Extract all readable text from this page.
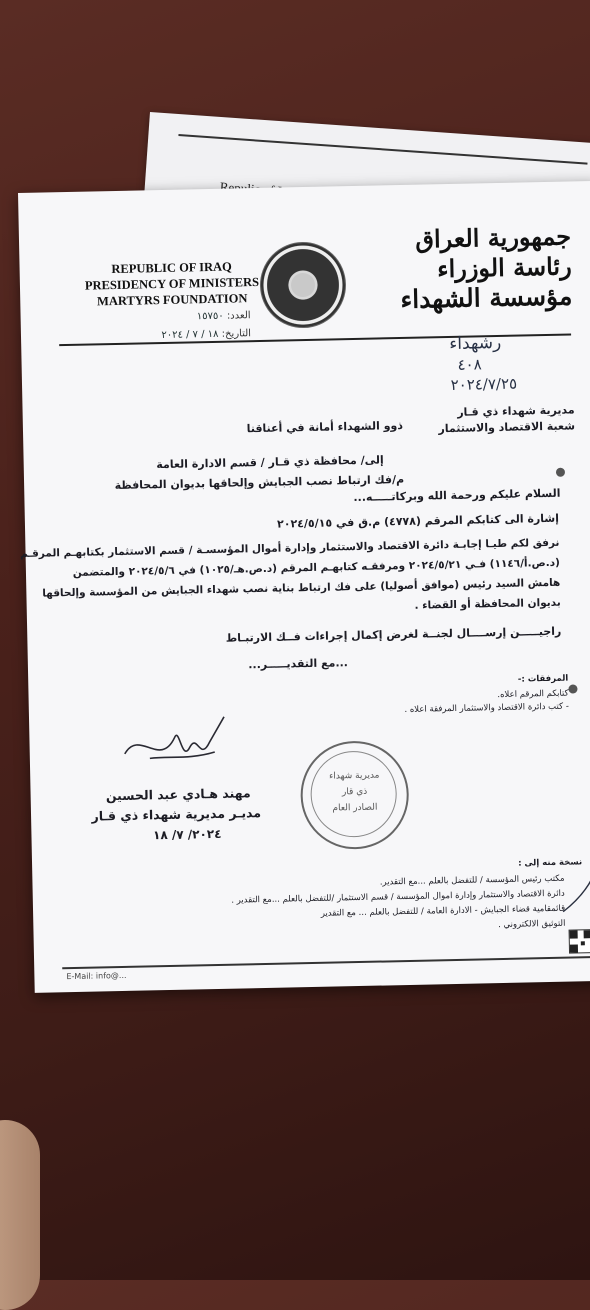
REPUBLIC OF IRAQ
PRESIDENCY OF MINISTERS
MARTYRS FOUNDATION
العدد: ١٥٧٥٠
التاريخ: ١٨ / ٧ / ٢٠٢٤
جمهورية العراق
رئاسة الوزراء
مؤسسة الشهداء
رشهداء
٤٠٨
٢٠٢٤/٧/٢٥
مديرية شهداء ذي قـار
شعبة الاقتصاد والاستثمار
ذوو الشهداء أمانة في أعناقنا
إلى/ محافظة ذي قـار / قسم الادارة العامة
م/فك ارتباط نصب الجبايش وإلحاقها بديوان المحافظة
السلام عليكم ورحمة الله وبركاتـــــه...
إشارة الى كتابكم المرقم (٤٧٧٨) م.ق في ٢٠٢٤/٥/١٥
نرفق لكم طيـا إجابـة دائرة الاقتصاد والاستثمار وإدارة أموال المؤسسـة / قسم الاستثمار بكتابهـم المرقـم
(د.ص.أ/١١٤٦) فـي ٢٠٢٤/٥/٢١ ومرفقـه كتابهـم المرقم (د.ص.هـ/١٠٢٥) في ٢٠٢٤/٥/٦ والمتضمن
هامش السيد رئيس (موافق أصوليا) على فك ارتباط بناية نصب شهداء الجبايش من المؤسسة وإلحاقها
بديوان المحافظة أو القضاء .
راجيـــــن إرســــال لجنــة لغرض إكمال إجراءات فــك الارتبـاط
...مع التقديـــــر...
المرفقات :-
كتابكم المرقم اعلاه.
- كتب دائرة الاقتصاد والاستثمار المرفقة اعلاه .
مهند هـادي عبد الحسين
مديـر مديرية شهداء ذي قـار
٢٠٢٤/ ٧/ ١٨
مديرية شهداء
ذي قار
الصادر العام
نسخة منه إلى :
مكتب رئيس المؤسسة / للتفضل بالعلم ...مع التقدير.
دائرة الاقتصاد والاستثمار وإدارة اموال المؤسسة / قسم الاستثمار /للتفضل بالعلم ...مع التقدير .
قائمقامية قضاء الجبايش - الادارة العامة / للتفضل بالعلم ... مع التقدير
التوثيق الالكتروني .
E-Mail: info@...
